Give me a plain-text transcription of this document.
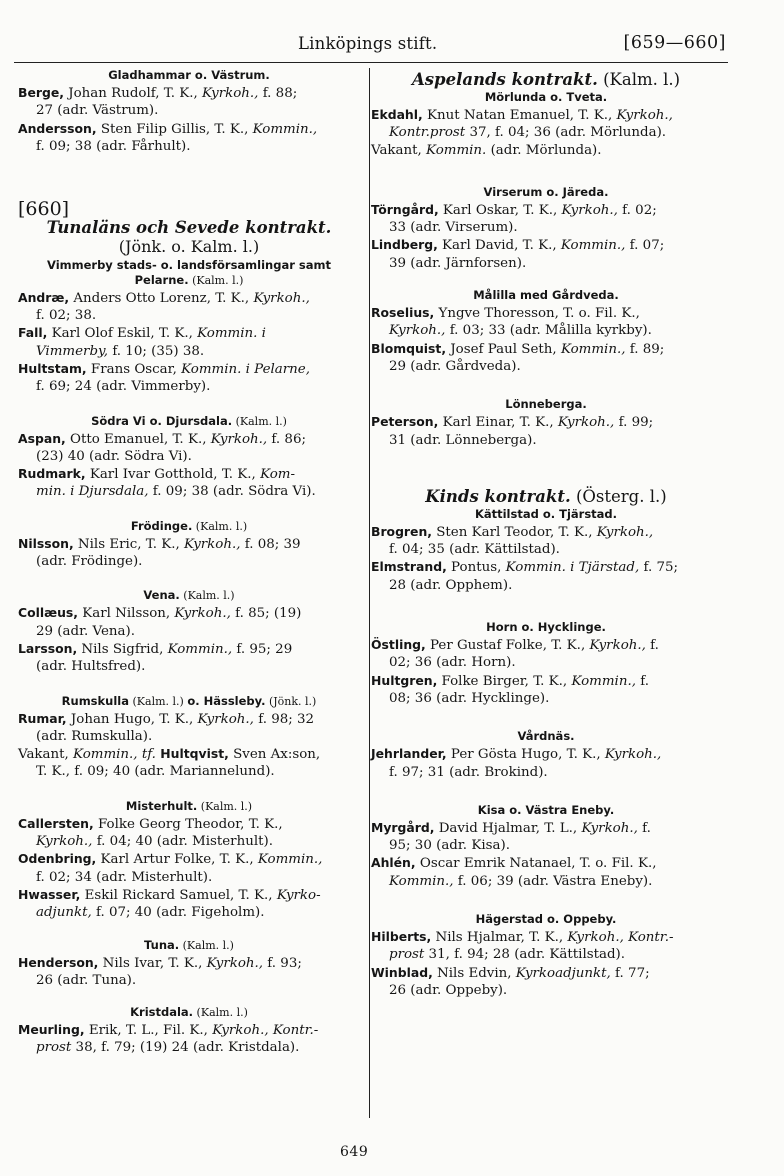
Linköpings stift.	[659—660]
Gladhammar o. Västrum.

Berge, Johan Rudolf, T. K., Kyrkoh., f. 88;
27 (adr. Västrum).

Andersson, Sten Filip Gillis, T. K., Kommin.,
f. 09; 38 (adr. Fårhult).

[660]

Tunaläns och Sevede kontrakt.

(Jönk. o. Kalm. l.)

Vimmerby stads- o. landsförsamlingar samt
Pelarne. (Kalm. l.)

Andræ, Anders Otto Lorenz, T. K., Kyrkoh.,
f. 02; 38.

Fall, Karl Olof Eskil, T. K., Kommin. i
Vimmerby, f. 10; (35) 38.

Hultstam, Frans Oscar, Kommin. i Pelarne,
f. 69; 24 (adr. Vimmerby).

Södra Vi o. Djursdala. (Kalm. l.)

Aspan, Otto Emanuel, T. K., Kyrkoh., f. 86;
(23) 40 (adr. Södra Vi).

Rudmark, Karl Ivar Gotthold, T. K., Kom-
min. i Djursdala, f. 09; 38 (adr. Södra Vi).

Frödinge. (Kalm. l.)

Nilsson, Nils Eric, T. K., Kyrkoh., f. 08; 39
(adr. Frödinge).

Vena. (Kalm. l.)

Collæus, Karl Nilsson, Kyrkoh., f. 85; (19)
29 (adr. Vena).

Larsson, Nils Sigfrid, Kommin., f. 95; 29
(adr. Hultsfred).

Rumskulla (Kalm. l.) o. Hässleby. (Jönk. l.)

Rumar, Johan Hugo, T. K., Kyrkoh., f. 98; 32
(adr. Rumskulla).

Vakant, Kommin., tf. Hultqvist, Sven Ax:son,
T. K., f. 09; 40 (adr. Mariannelund).

Misterhult. (Kalm. l.)

Callersten, Folke Georg Theodor, T. K.,
Kyrkoh., f. 04; 40 (adr. Misterhult).

Odenbring, Karl Artur Folke, T. K., Kommin.,
f. 02; 34 (adr. Misterhult).

Hwasser, Eskil Rickard Samuel, T. K., Kyrko-
adjunkt, f. 07; 40 (adr. Figeholm).

Tuna. (Kalm. l.)

Henderson, Nils Ivar, T. K., Kyrkoh., f. 93;
26 (adr. Tuna).

Kristdala. (Kalm. l.)

Meurling, Erik, T. L., Fil. K., Kyrkoh., Kontr.-
prost 38, f. 79; (19) 24 (adr. Kristdala).

Aspelands kontrakt. (Kalm. l.)

Mörlunda o. Tveta.

Ekdahl, Knut Natan Emanuel, T. K., Kyrkoh.,
Kontr.prost 37, f. 04; 36 (adr. Mörlunda).

Vakant, Kommin. (adr. Mörlunda).

Virserum o. Järeda.

Törngård, Karl Oskar, T. K., Kyrkoh., f. 02;
33 (adr. Virserum).

Lindberg, Karl David, T. K., Kommin., f. 07;
39 (adr. Järnforsen).

Målilla med Gårdveda.

Roselius, Yngve Thoresson, T. o. Fil. K.,
Kyrkoh., f. 03; 33 (adr. Målilla kyrkby).

Blomquist, Josef Paul Seth, Kommin., f. 89;
29 (adr. Gårdveda).

Lönneberga.

Peterson, Karl Einar, T. K., Kyrkoh., f. 99;
31 (adr. Lönneberga).

Kinds kontrakt. (Österg. l.)

Kättilstad o. Tjärstad.

Brogren, Sten Karl Teodor, T. K., Kyrkoh.,
f. 04; 35 (adr. Kättilstad).

Elmstrand, Pontus, Kommin. i Tjärstad, f. 75;
28 (adr. Opphem).

Horn o. Hycklinge.

Östling, Per Gustaf Folke, T. K., Kyrkoh., f.
02; 36 (adr. Horn).

Hultgren, Folke Birger, T. K., Kommin., f.
08; 36 (adr. Hycklinge).

Vårdnäs.

Jehrlander, Per Gösta Hugo, T. K., Kyrkoh.,
f. 97; 31 (adr. Brokind).

Kisa o. Västra Eneby.

Myrgård, David Hjalmar, T. L., Kyrkoh., f.
95; 30 (adr. Kisa).

Ahlén, Oscar Emrik Natanael, T. o. Fil. K.,
Kommin., f. 06; 39 (adr. Västra Eneby).

Hägerstad o. Oppeby.

Hilberts, Nils Hjalmar, T. K., Kyrkoh., Kontr.-
prost 31, f. 94; 28 (adr. Kättilstad).

Winblad, Nils Edvin, Kyrkoadjunkt, f. 77;
26 (adr. Oppeby).

649
